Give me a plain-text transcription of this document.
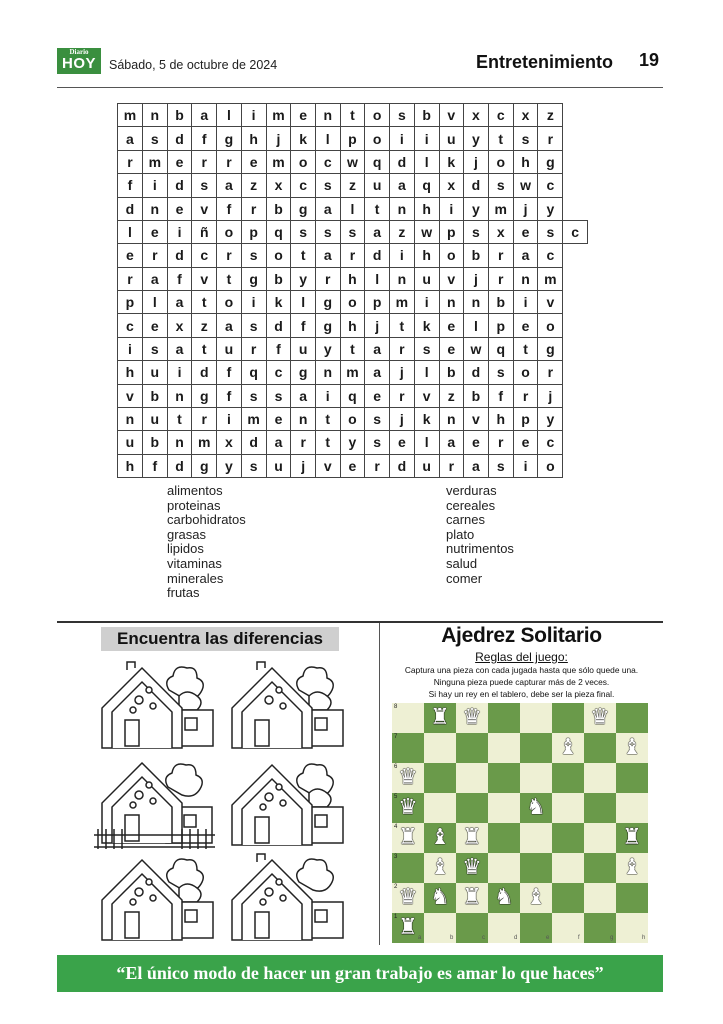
Diario
HOY	Sábado, 5 de octubre de 2024	Entretenimiento 19
m	n	b	a	l	i	m	e	n	t	o	s	b	v	x	c	x	z	
a	s	d	f	g	h	j	k	l	p	o	i	i	u	y	t	s	r	
r	m	e	r	r	e	m	o	c	w	q	d	l	k	j	o	h	g	
f	i	d	s	a	z	x	c	s	z	u	a	q	x	d	s	w	c	
d	n	e	v	f	r	b	g	a	l	t	n	h	i	y	m	j	y	
l	e	i	ñ	o	p	q	s	s	s	a	z	w	p	s	x	e	s	c
e	r	d	c	r	s	o	t	a	r	d	i	h	o	b	r	a	c	
r	a	f	v	t	g	b	y	r	h	l	n	u	v	j	r	n	m	
p	l	a	t	o	i	k	l	g	o	p	m	i	n	n	b	i	v	
c	e	x	z	a	s	d	f	g	h	j	t	k	e	l	p	e	o	
i	s	a	t	u	r	f	u	y	t	a	r	s	e	w	q	t	g	
h	u	i	d	f	q	c	g	n	m	a	j	l	b	d	s	o	r	
v	b	n	g	f	s	s	a	i	q	e	r	v	z	b	f	r	j	
n	u	t	r	i	m	e	n	t	o	s	j	k	n	v	h	p	y	
u	b	n	m	x	d	a	r	t	y	s	e	l	a	e	r	e	c	
h	f	d	g	y	s	u	j	v	e	r	d	u	r	a	s	i	o	
alimentos
proteinas
carbohidratos
grasas
lipidos
vitaminas
minerales
frutas
verduras
cereales
carnes
plato
nutrimentos
salud
comer
Encuentra las diferencias	Ajedrez Solitario
Reglas del juego:
Captura una pieza con cada jugada hasta que sólo quede una.
Ninguna pieza puede capturar más de 2 veces.
Si hay un rey en el tablero, debe ser la pieza final.
8
7
6
5
4
3
2
1
a	b	c	d	e	f	g	h
♜ ♛	♛
♝ ♝
♛
♛	♞
♜ ♝ ♜	♜
♝ ♛	♝
♛ ♞ ♜ ♞ ♝
♜
“El único modo de hacer un gran trabajo es amar lo que haces”
